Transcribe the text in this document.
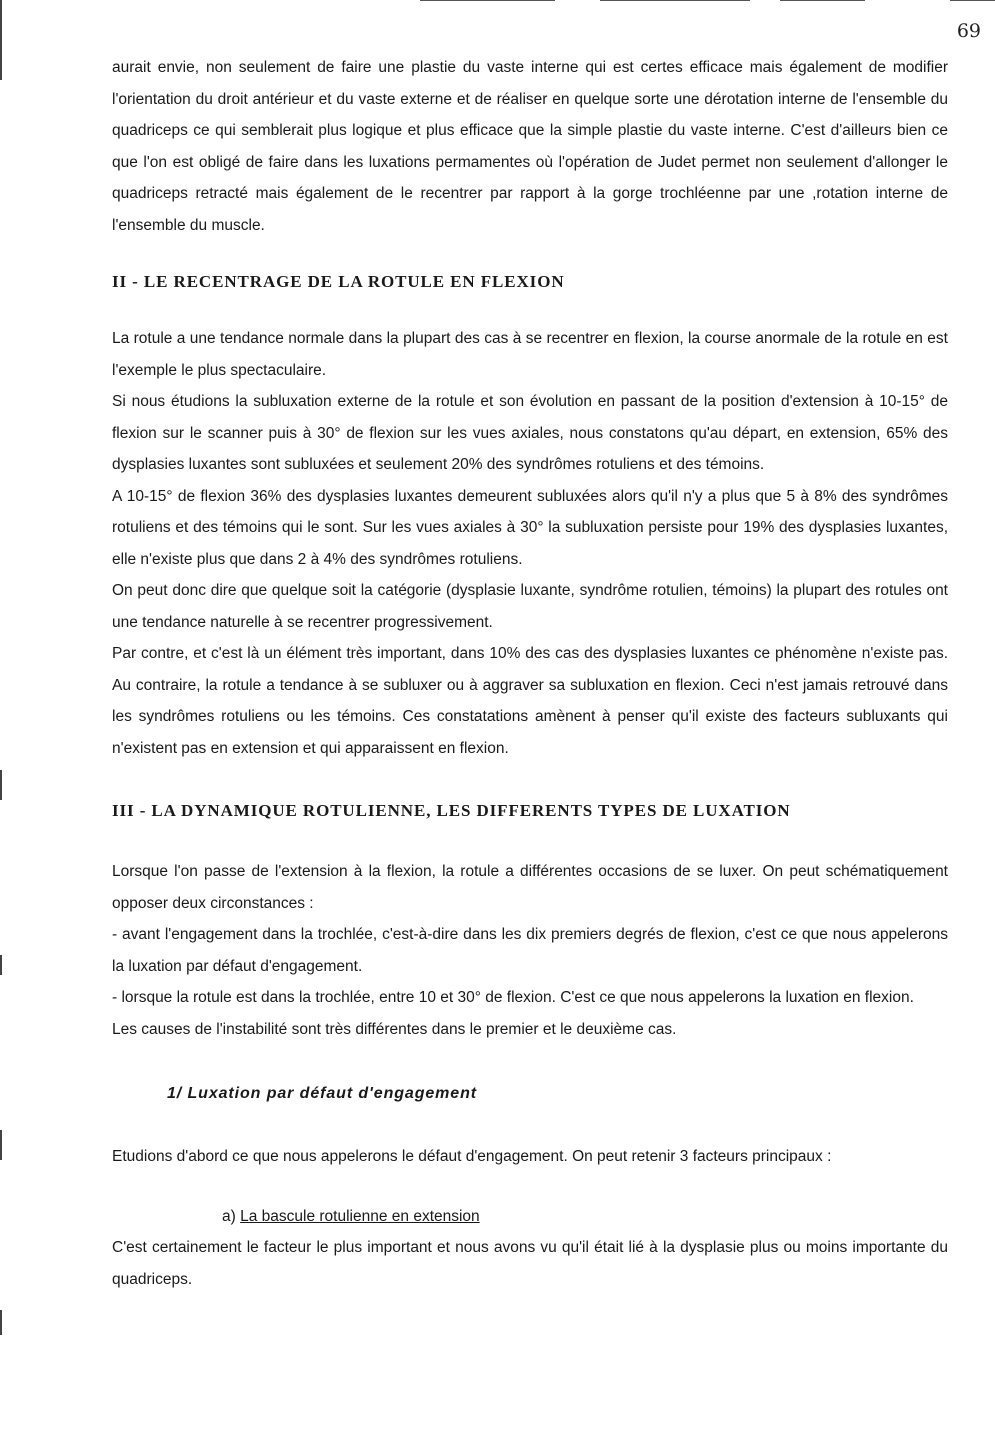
69

aurait envie, non seulement de faire une plastie du vaste interne qui est certes efficace mais également de modifier l'orientation du droit antérieur et du vaste externe et de réaliser en quelque sorte une dérotation interne de l'ensemble du quadriceps ce qui semblerait plus logique et plus efficace que la simple plastie du vaste interne. C'est d'ailleurs bien ce que l'on est obligé de faire dans les luxations permamentes où l'opération de Judet permet non seulement d'allonger le quadriceps retracté mais également de le recentrer par rapport à la gorge trochléenne par une ,rotation interne de l'ensemble du muscle.

II - LE RECENTRAGE DE LA ROTULE EN FLEXION

La rotule a une tendance normale dans la plupart des cas à se recentrer en flexion, la course anormale de la rotule en est l'exemple le plus spectaculaire.

Si nous étudions la subluxation externe de la rotule et son évolution en passant de la position d'extension à 10-15° de flexion sur le scanner puis à 30° de flexion sur les vues axiales, nous constatons qu'au départ, en extension, 65% des dysplasies luxantes sont subluxées et seulement 20% des syndrômes rotuliens et des témoins.

A 10-15° de flexion 36% des dysplasies luxantes demeurent subluxées alors qu'il n'y a plus que 5 à 8% des syndrômes rotuliens et des témoins qui le sont. Sur les vues axiales à 30° la subluxation persiste pour 19% des dysplasies luxantes, elle n'existe plus que dans 2 à 4% des syndrômes rotuliens.

On peut donc dire que quelque soit la catégorie (dysplasie luxante, syndrôme rotulien, témoins) la plupart des rotules ont une tendance naturelle à se recentrer progressivement.

Par contre, et c'est là un élément très important, dans 10% des cas des dysplasies luxantes ce phénomène n'existe pas. Au contraire, la rotule a tendance à se subluxer ou à aggraver sa subluxation en flexion. Ceci n'est jamais retrouvé dans les syndrômes rotuliens ou les témoins. Ces constatations amènent à penser qu'il existe des facteurs subluxants qui n'existent pas en extension et qui apparaissent en flexion.

III - LA DYNAMIQUE ROTULIENNE, LES DIFFERENTS TYPES DE LUXATION

Lorsque l'on passe de l'extension à la flexion, la rotule a différentes occasions de se luxer. On peut schématiquement opposer deux circonstances :

- avant l'engagement dans la trochlée, c'est-à-dire dans les dix premiers degrés de flexion, c'est ce que nous appelerons la luxation par défaut d'engagement.

- lorsque la rotule est dans la trochlée, entre 10 et 30° de flexion. C'est ce que nous appelerons la luxation en flexion.

Les causes de l'instabilité sont très différentes dans le premier et le deuxième cas.

1/ Luxation par défaut d'engagement

Etudions d'abord ce que nous appelerons le défaut d'engagement. On peut retenir 3 facteurs principaux :

a) La bascule rotulienne en extension

C'est certainement le facteur le plus important et nous avons vu qu'il était lié à la dysplasie plus ou moins importante du quadriceps.
